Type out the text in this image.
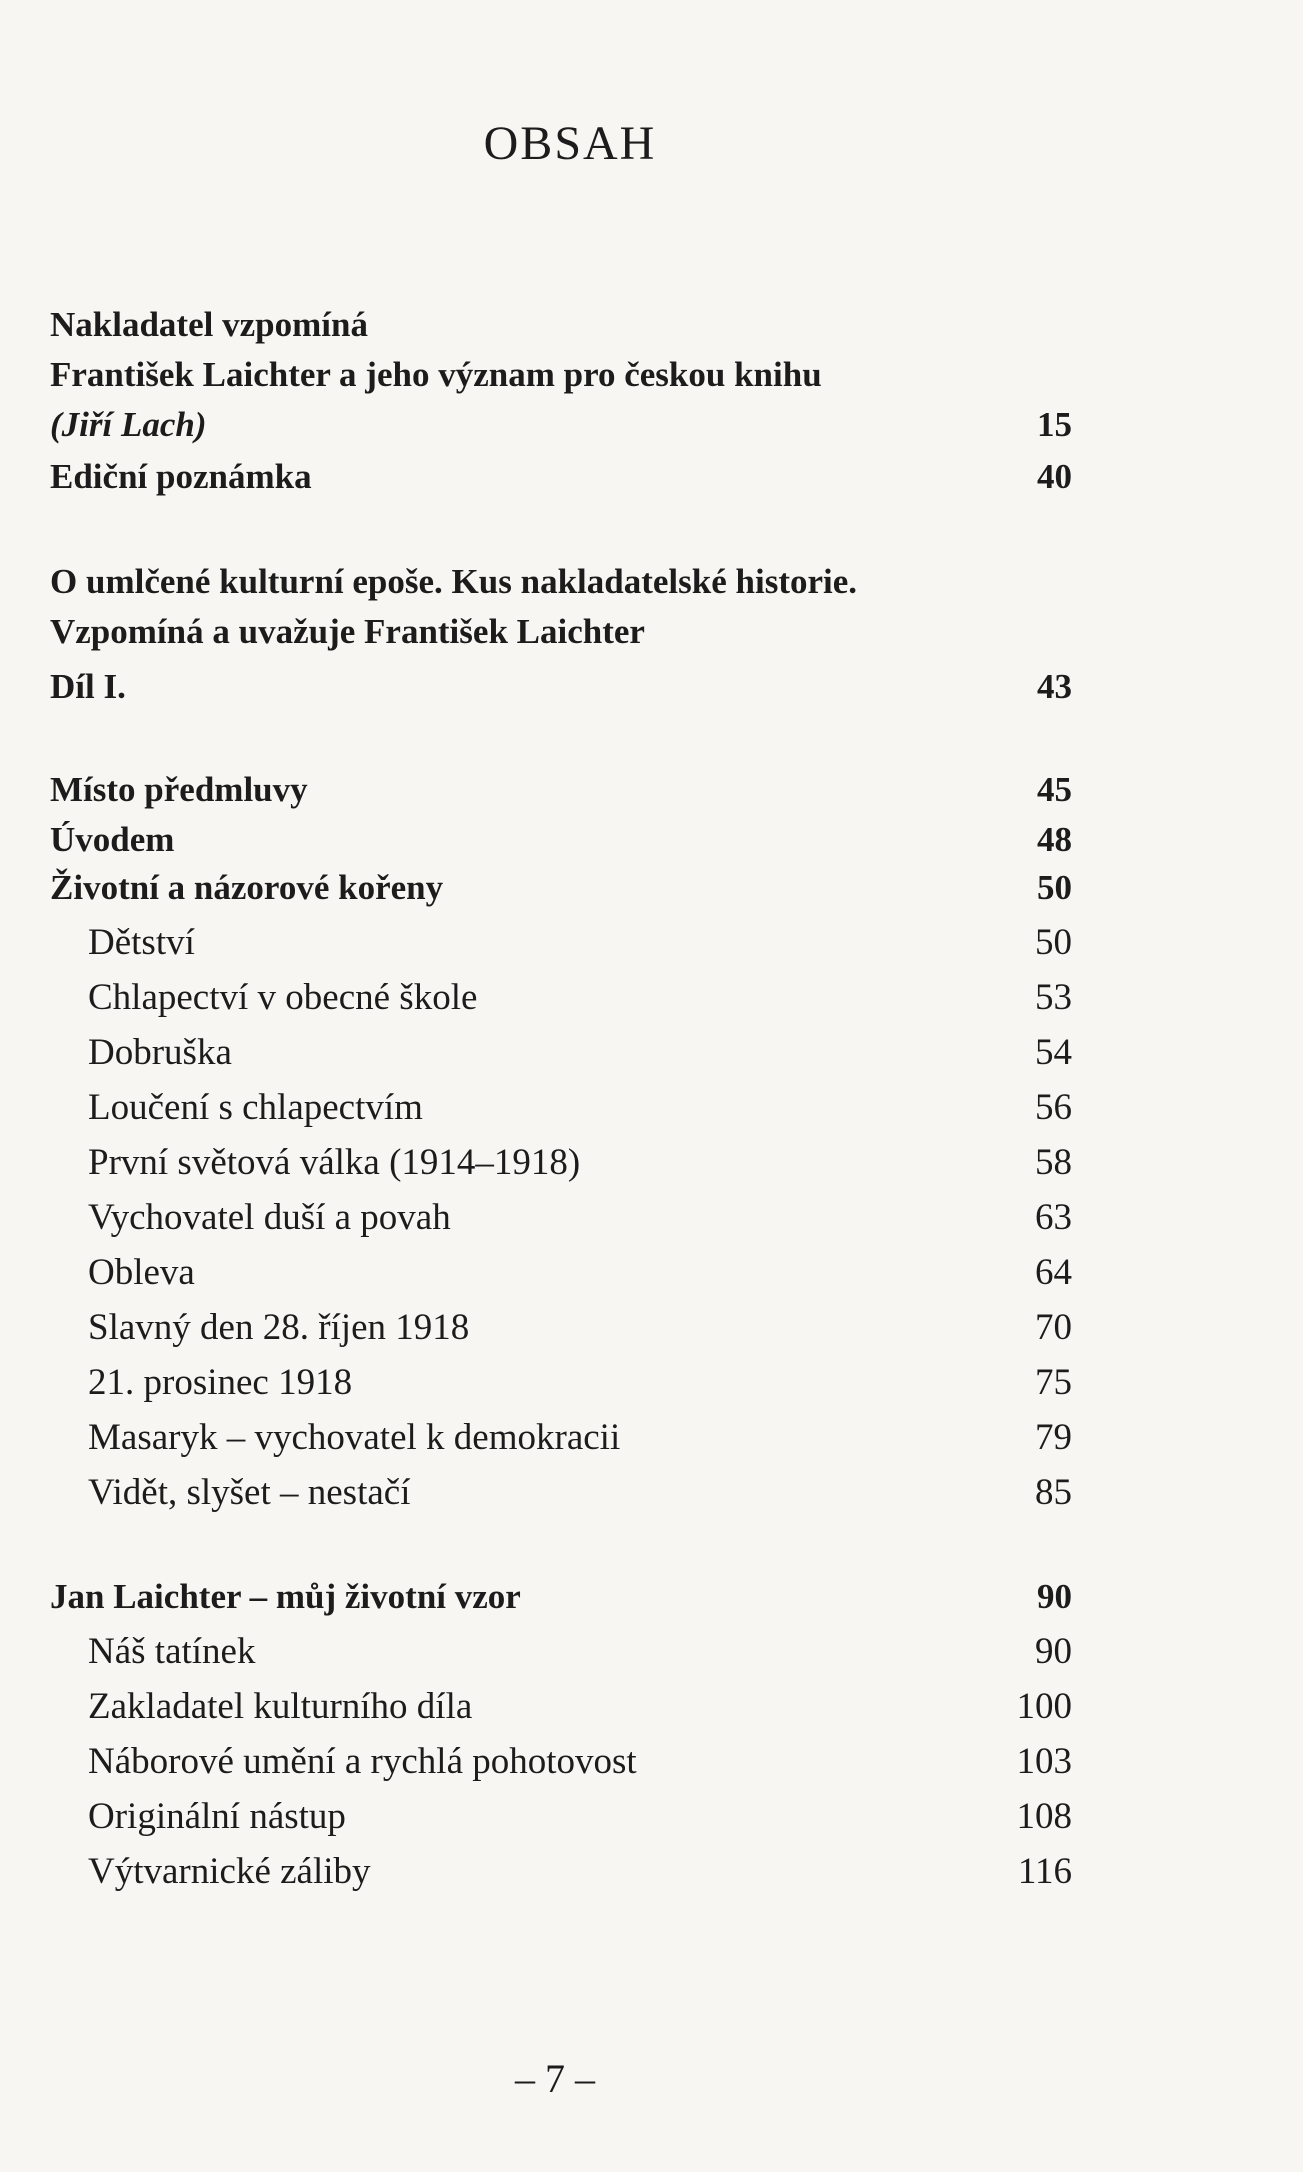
OBSAH
Nakladatel vzpomíná
František Laichter a jeho význam pro českou knihu
(Jiří Lach)	15
Ediční poznámka	40
O umlčené kulturní epoše. Kus nakladatelské historie.
Vzpomíná a uvažuje František Laichter
Díl I.	43
Místo předmluvy	45
Úvodem	48
Životní a názorové kořeny	50
Dětství	50
Chlapectví v obecné škole	53
Dobruška	54
Loučení s chlapectvím	56
První světová válka (1914–1918)	58
Vychovatel duší a povah	63
Obleva	64
Slavný den 28. říjen 1918	70
21. prosinec 1918	75
Masaryk – vychovatel k demokracii	79
Vidět, slyšet – nestačí	85
Jan Laichter – můj životní vzor	90
Náš tatínek	90
Zakladatel kulturního díla	100
Náborové umění a rychlá pohotovost	103
Originální nástup	108
Výtvarnické záliby	116
– 7 –
